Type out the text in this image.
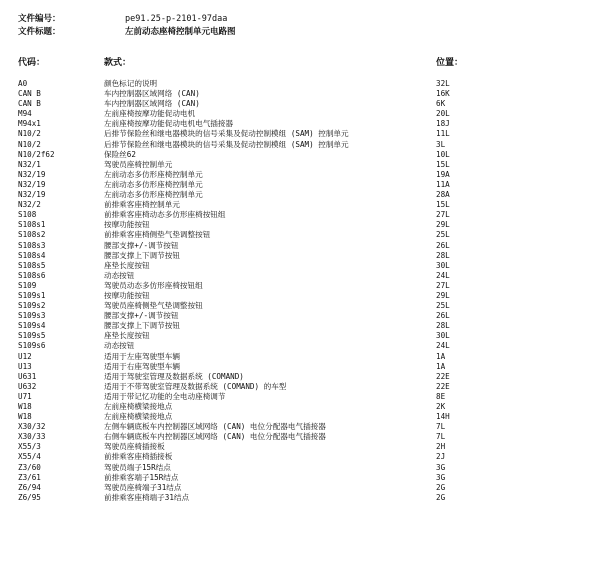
文件编号：	pe91.25-p-2101-97daa
文件标题：	左前动态座椅控制单元电路图
代码：	款式：	位置：
A0	颜色标记的说明	32L
CAN B	车内控制器区域网络 (CAN)	16K
CAN B	车内控制器区域网络 (CAN)	6K
M94	左前座椅按摩功能促动电机	20L
M94x1	左前座椅按摩功能促动电机电气插接器	18J
N10/2	后排节保险丝和继电器模块的信号采集及促动控制模组 (SAM) 控制单元	11L
N10/2	后排节保险丝和继电器模块的信号采集及促动控制模组 (SAM) 控制单元	3L
N10/2f62	保险丝62	10L
N32/1	驾驶员座椅控制单元	15L
N32/19	左前动态多仿形座椅控制单元	19A
N32/19	左前动态多仿形座椅控制单元	11A
N32/19	左前动态多仿形座椅控制单元	28A
N32/2	前排乘客座椅控制单元	15L
S108	前排乘客座椅动态多仿形座椅按钮组	27L
S108s1	按摩功能按钮	29L
S108s2	前排乘客座椅侧垫气垫调整按钮	25L
S108s3	腰部支撑+/-调节按钮	26L
S108s4	腰部支撑上下调节按钮	28L
S108s5	座垫长度按钮	30L
S108s6	动态按钮	24L
S109	驾驶员动态多仿形座椅按钮组	27L
S109s1	按摩功能按钮	29L
S109s2	驾驶员座椅侧垫气垫调整按钮	25L
S109s3	腰部支撑+/-调节按钮	26L
S109s4	腰部支撑上下调节按钮	28L
S109s5	座垫长度按钮	30L
S109s6	动态按钮	24L
U12	适用于左座驾驶型车辆	1A
U13	适用于右座驾驶型车辆	1A
U631	适用于驾驶室管理及数据系统 (COMAND)	22E
U632	适用于不带驾驶室管理及数据系统 (COMAND) 的车型	22E
U71	适用于带记忆功能的全电动座椅调节	8E
W18	左前座椅横梁接地点	2K
W18	左前座椅横梁接地点	14H
X30/32	左侧车辆底板车内控制器区域网络 (CAN) 电位分配器电气插接器	7L
X30/33	右侧车辆底板车内控制器区域网络 (CAN) 电位分配器电气插接器	7L
X55/3	驾驶员座椅插接板	2H
X55/4	前排乘客座椅插接板	2J
Z3/60	驾驶员端子15R结点	3G
Z3/61	前排乘客端子15R结点	3G
Z6/94	驾驶员座椅端子31结点	2G
Z6/95	前排乘客座椅端子31结点	2G
